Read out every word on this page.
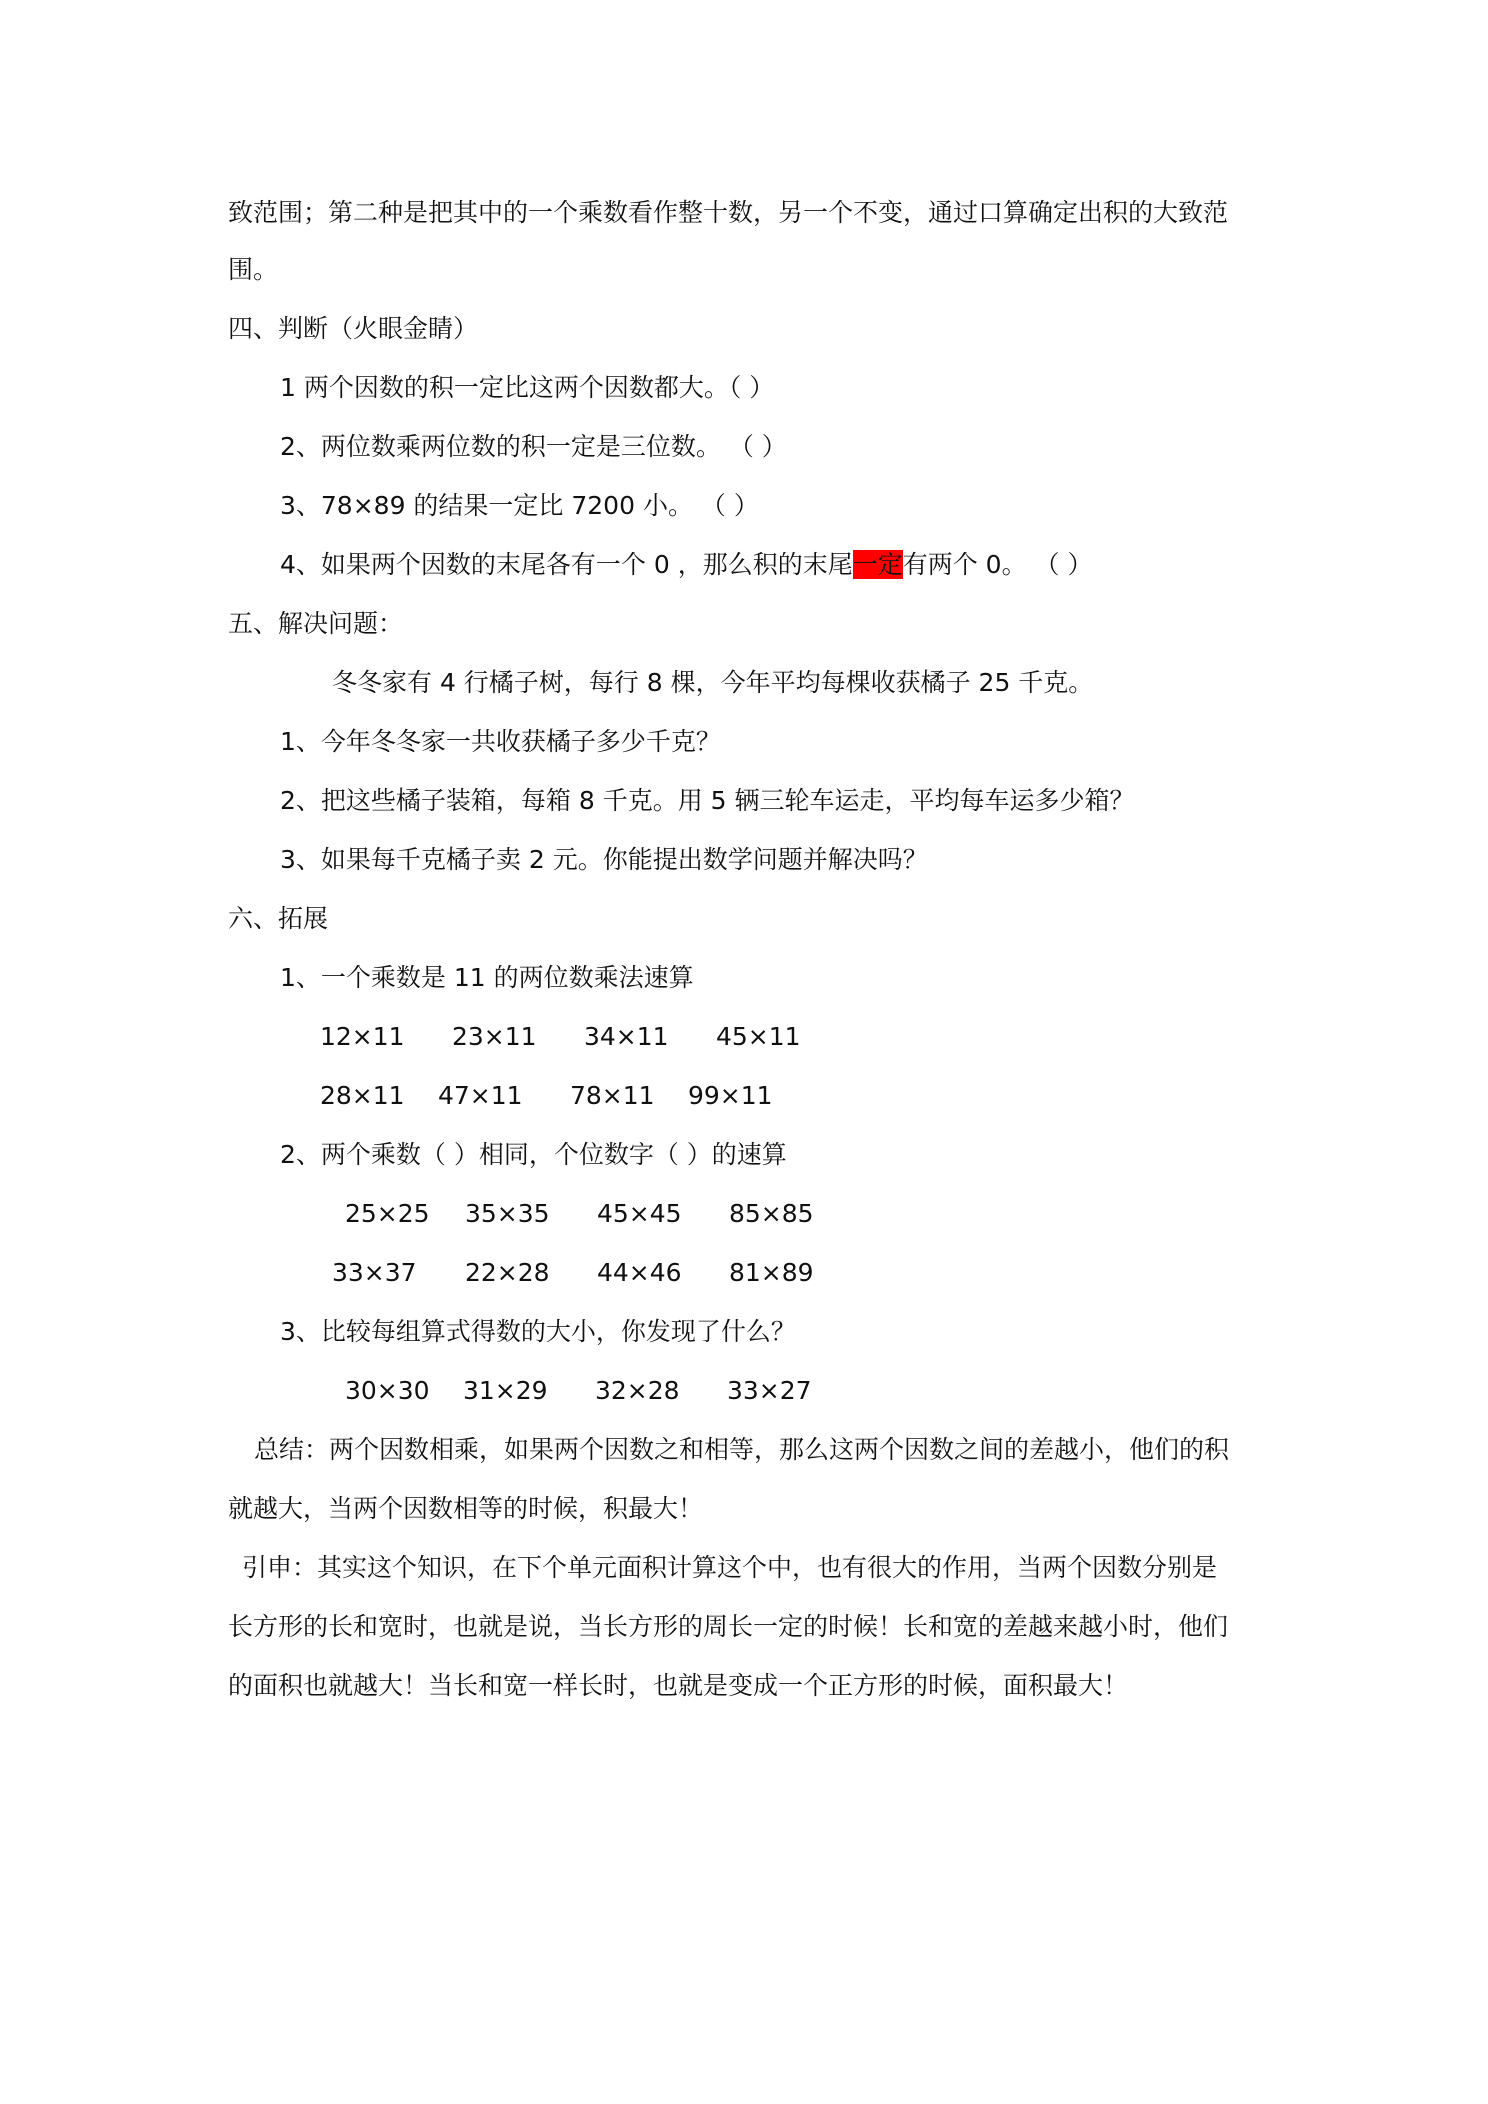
致范围；第二种是把其中的一个乘数看作整十数，另一个不变，通过口算确定出积的大致范
围。
四、判断（火眼金睛）
1 两个因数的积一定比这两个因数都大。（ ）
2、两位数乘两位数的积一定是三位数。 （ ）
3、78×89 的结果一定比 7200 小。 （ ）
4、如果两个因数的末尾各有一个 0 ，那么积的末尾一定有两个 0。 （ ）
五、解决问题：
冬冬家有 4 行橘子树，每行 8 棵，今年平均每棵收获橘子 25 千克。
1、今年冬冬家一共收获橘子多少千克？
2、把这些橘子装箱，每箱 8 千克。用 5 辆三轮车运走，平均每车运多少箱？
3、如果每千克橘子卖 2 元。你能提出数学问题并解决吗？
六、拓展
1、一个乘数是 11 的两位数乘法速算
12×11 23×11 34×11 45×11
28×11 47×11 78×11 99×11
2、两个乘数（ ）相同，个位数字（ ）的速算
25×25 35×35 45×45 85×85
33×37 22×28 44×46 81×89
3、比较每组算式得数的大小，你发现了什么？
30×30 31×29 32×28 33×27
总结：两个因数相乘，如果两个因数之和相等，那么这两个因数之间的差越小，他们的积
就越大，当两个因数相等的时候，积最大！
引申：其实这个知识，在下个单元面积计算这个中，也有很大的作用，当两个因数分别是
长方形的长和宽时，也就是说，当长方形的周长一定的时候！长和宽的差越来越小时，他们
的面积也就越大！当长和宽一样长时，也就是变成一个正方形的时候，面积最大！
